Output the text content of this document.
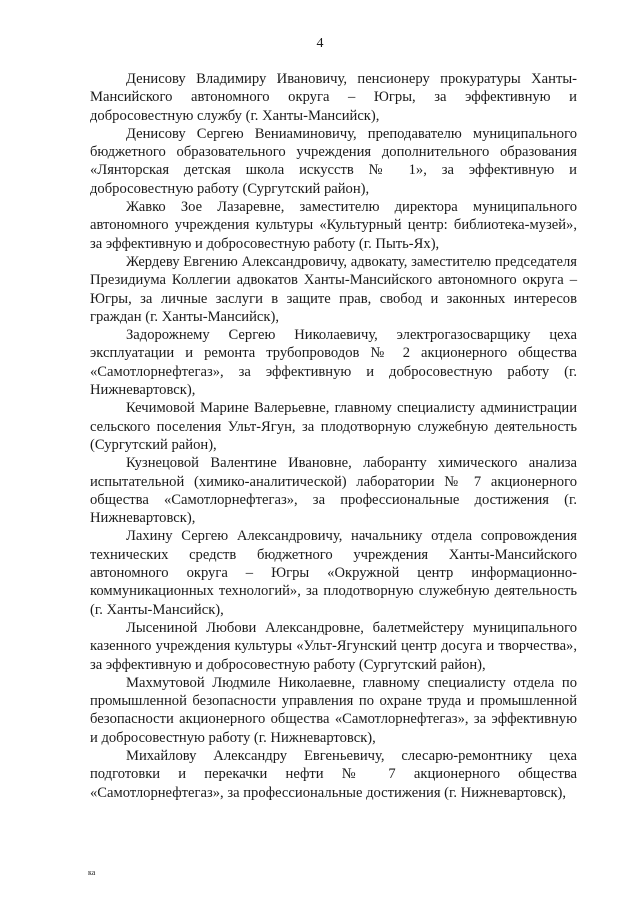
4

Денисову Владимиру Ивановичу, пенсионеру прокуратуры Ханты-Мансийского автономного округа – Югры, за эффективную и добросовестную службу (г. Ханты-Мансийск),

Денисову Сергею Вениаминовичу, преподавателю муниципального бюджетного образовательного учреждения дополнительного образования «Лянторская детская школа искусств № 1», за эффективную и добросовестную работу (Сургутский район),

Жавко Зое Лазаревне, заместителю директора муниципального автономного учреждения культуры «Культурный центр: библиотека-музей», за эффективную и добросовестную работу (г. Пыть-Ях),

Жердеву Евгению Александровичу, адвокату, заместителю председателя Президиума Коллегии адвокатов Ханты-Мансийского автономного округа – Югры, за личные заслуги в защите прав, свобод и законных интересов граждан (г. Ханты-Мансийск),

Задорожнему Сергею Николаевичу, электрогазосварщику цеха эксплуатации и ремонта трубопроводов № 2 акционерного общества «Самотлорнефтегаз», за эффективную и добросовестную работу (г. Нижневартовск),

Кечимовой Марине Валерьевне, главному специалисту администрации сельского поселения Ульт-Ягун, за плодотворную служебную деятельность (Сургутский район),

Кузнецовой Валентине Ивановне, лаборанту химического анализа испытательной (химико-аналитической) лаборатории № 7 акционерного общества «Самотлорнефтегаз», за профессиональные достижения (г. Нижневартовск),

Лахину Сергею Александровичу, начальнику отдела сопровождения технических средств бюджетного учреждения Ханты-Мансийского автономного округа – Югры «Окружной центр информационно-коммуникационных технологий», за плодотворную служебную деятельность (г. Ханты-Мансийск),

Лысениной Любови Александровне, балетмейстеру муниципального казенного учреждения культуры «Ульт-Ягунский центр досуга и творчества», за эффективную и добросовестную работу (Сургутский район),

Махмутовой Людмиле Николаевне, главному специалисту отдела по промышленной безопасности управления по охране труда и промышленной безопасности акционерного общества «Самотлорнефтегаз», за эффективную и добросовестную работу (г. Нижневартовск),

Михайлову Александру Евгеньевичу, слесарю-ремонтнику цеха подготовки и перекачки нефти № 7 акционерного общества «Самотлорнефтегаз», за профессиональные достижения (г. Нижневартовск),

ка
